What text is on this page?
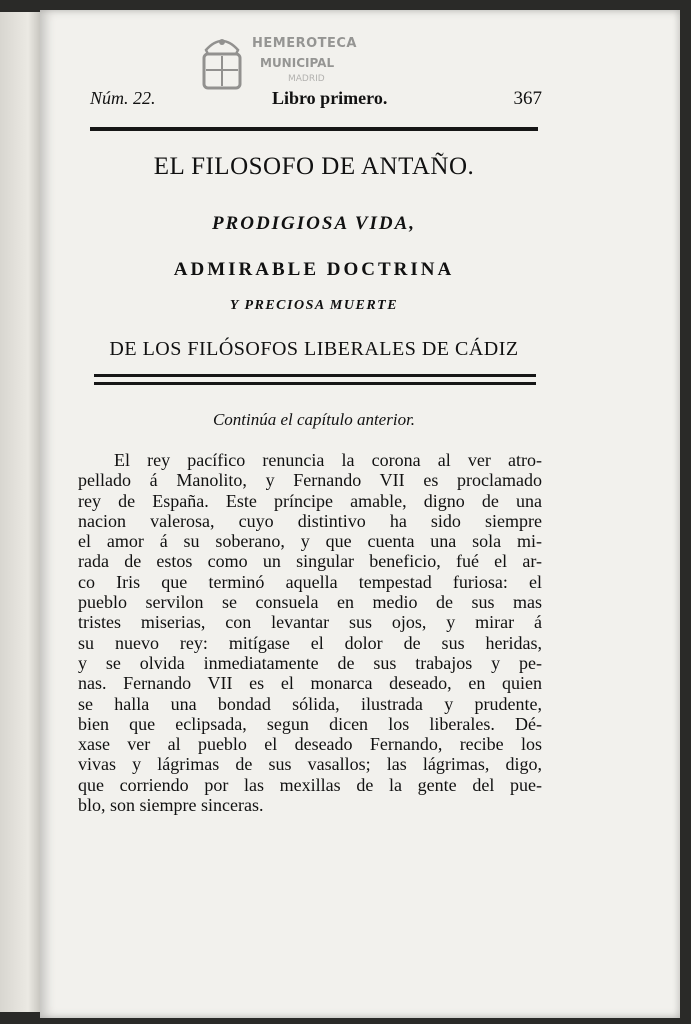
HEMEROTECA
MUNICIPAL
MADRID
Núm. 22.	Libro primero.	367
EL FILOSOFO DE ANTAÑO.
PRODIGIOSA VIDA,
ADMIRABLE DOCTRINA
Y PRECIOSA MUERTE
DE LOS FILÓSOFOS LIBERALES DE CÁDIZ
Continúa el capítulo anterior.
El rey pacífico renuncia la corona al ver atro-
pellado á Manolito, y Fernando VII es proclamado
rey de España. Este príncipe amable, digno de una
nacion valerosa, cuyo distintivo ha sido siempre
el amor á su soberano, y que cuenta una sola mi-
rada de estos como un singular beneficio, fué el ar-
co Iris que terminó aquella tempestad furiosa: el
pueblo servilon se consuela en medio de sus mas
tristes miserias, con levantar sus ojos, y mirar á
su nuevo rey: mitígase el dolor de sus heridas,
y se olvida inmediatamente de sus trabajos y pe-
nas. Fernando VII es el monarca deseado, en quien
se halla una bondad sólida, ilustrada y prudente,
bien que eclipsada, segun dicen los liberales. Dé-
xase ver al pueblo el deseado Fernando, recibe los
vivas y lágrimas de sus vasallos; las lágrimas, digo,
que corriendo por las mexillas de la gente del pue-
blo, son siempre sinceras.
